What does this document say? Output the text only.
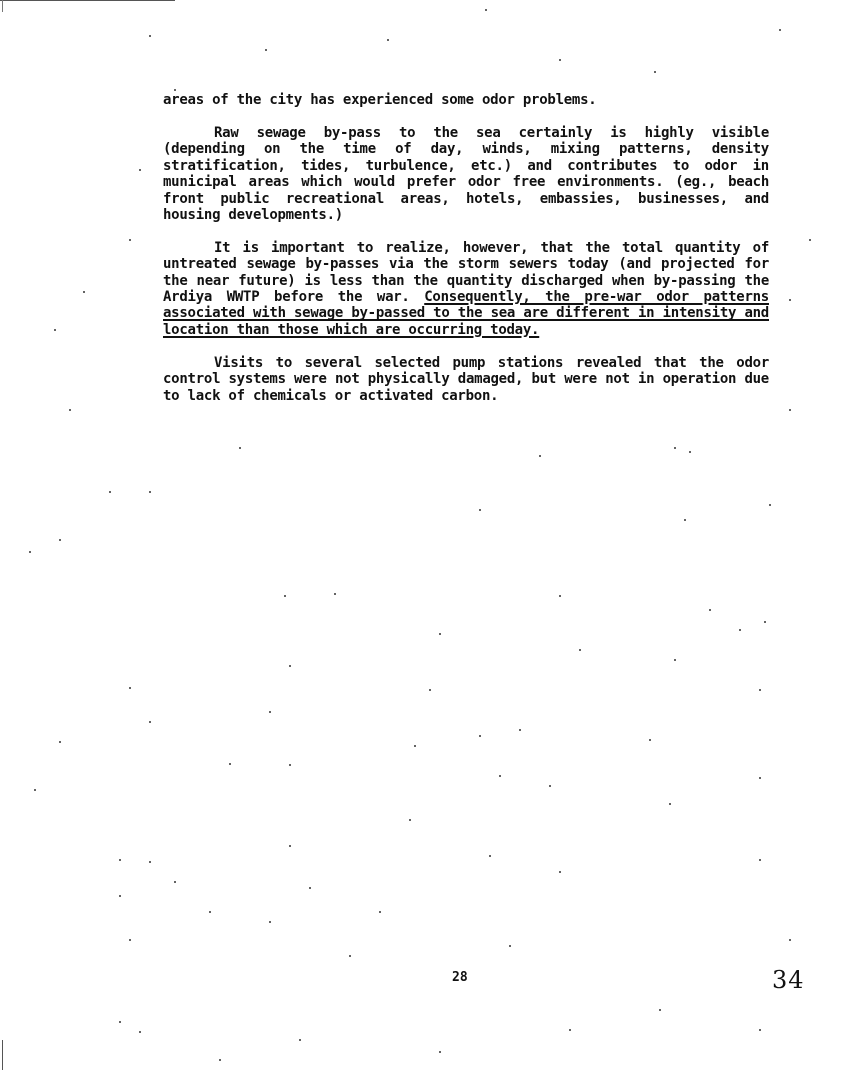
areas of the city has experienced some odor problems.

Raw sewage by-pass to the sea certainly is highly visible (depending on the time of day, winds, mixing patterns, density stratification, tides, turbulence, etc.) and contributes to odor in municipal areas which would prefer odor free environments. (eg., beach front public recreational areas, hotels, embassies, businesses, and housing developments.)

It is important to realize, however, that the total quantity of untreated sewage by-passes via the storm sewers today (and projected for the near future) is less than the quantity discharged when by-passing the Ardiya WWTP before the war. Consequently, the pre-war odor patterns associated with sewage by-passed to the sea are different in intensity and location than those which are occurring today.

Visits to several selected pump stations revealed that the odor control systems were not physically damaged, but were not in operation due to lack of chemicals or activated carbon.

28	34
